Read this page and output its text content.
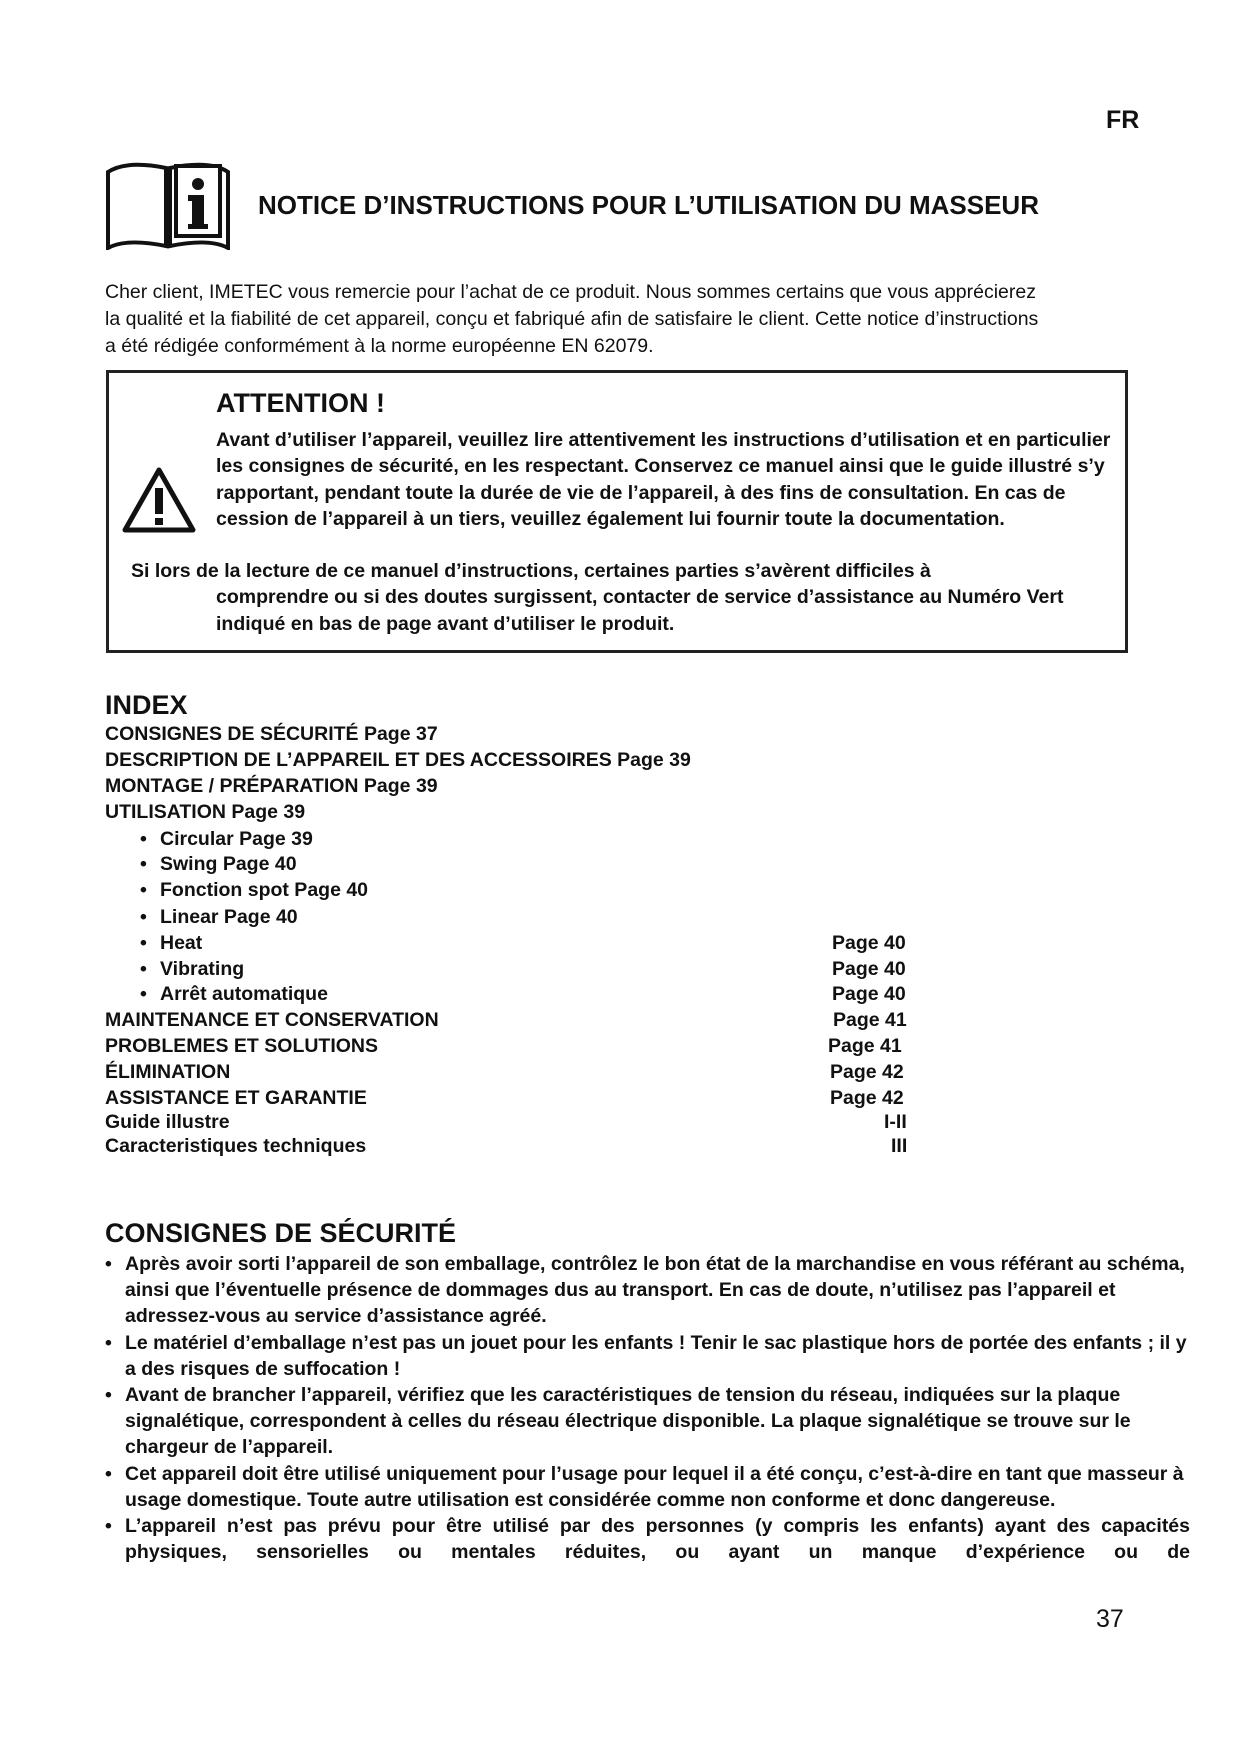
FR
NOTICE D’INSTRUCTIONS POUR L’UTILISATION DU MASSEUR
Cher client, IMETEC vous remercie pour l’achat de ce produit. Nous sommes certains que vous apprécierez
la qualité et la fiabilité de cet appareil, conçu et fabriqué afin de satisfaire le client. Cette notice d’instructions
a été rédigée conformément à la norme européenne EN 62079.
ATTENTION !
Avant d’utiliser l’appareil, veuillez lire attentivement les instructions d’utilisation et en particulier les consignes de sécurité, en les respectant. Conservez ce manuel ainsi que le guide illustré s’y rapportant, pendant toute la durée de vie de l’appareil, à des fins de consultation. En cas de cession de l’appareil à un tiers, veuillez également lui fournir toute la documentation.
Si lors de la lecture de ce manuel d’instructions, certaines parties s’avèrent difficiles à
comprendre ou si des doutes surgissent, contacter de service d’assistance au Numéro Vert indiqué en bas de page avant d’utiliser le produit.
INDEX
CONSIGNES DE SÉCURITÉ Page 37
DESCRIPTION DE L’APPAREIL ET DES ACCESSOIRES Page 39
MONTAGE / PRÉPARATION Page 39
UTILISATION Page 39
• Circular Page 39
• Swing Page 40
• Fonction spot Page 40
• Linear Page 40
• Heat	Page 40
• Vibrating	Page 40
• Arrêt automatique	Page 40
MAINTENANCE ET CONSERVATION	Page 41
PROBLEMES ET SOLUTIONS	Page 41
ÉLIMINATION	Page 42
ASSISTANCE ET GARANTIE	Page 42
Guide illustre	I-II
Caracteristiques techniques	III
CONSIGNES DE SÉCURITÉ
• Après avoir sorti l’appareil de son emballage, contrôlez le bon état de la marchandise en vous référant au schéma, ainsi que l’éventuelle présence de dommages dus au transport. En cas de doute, n’utilisez pas l’appareil et adressez-vous au service d’assistance agréé.
• Le matériel d’emballage n’est pas un jouet pour les enfants ! Tenir le sac plastique hors de portée des enfants ; il y a des risques de suffocation !
• Avant de brancher l’appareil, vérifiez que les caractéristiques de tension du réseau, indiquées sur la plaque signalétique, correspondent à celles du réseau électrique disponible. La plaque signalétique se trouve sur le chargeur de l’appareil.
• Cet appareil doit être utilisé uniquement pour l’usage pour lequel il a été conçu, c’est-à-dire en tant que masseur à usage domestique. Toute autre utilisation est considérée comme non conforme et donc dangereuse.
• L’appareil n’est pas prévu pour être utilisé par des personnes (y compris les enfants) ayant des capacités physiques, sensorielles ou mentales réduites, ou ayant un manque d’expérience ou de
37
